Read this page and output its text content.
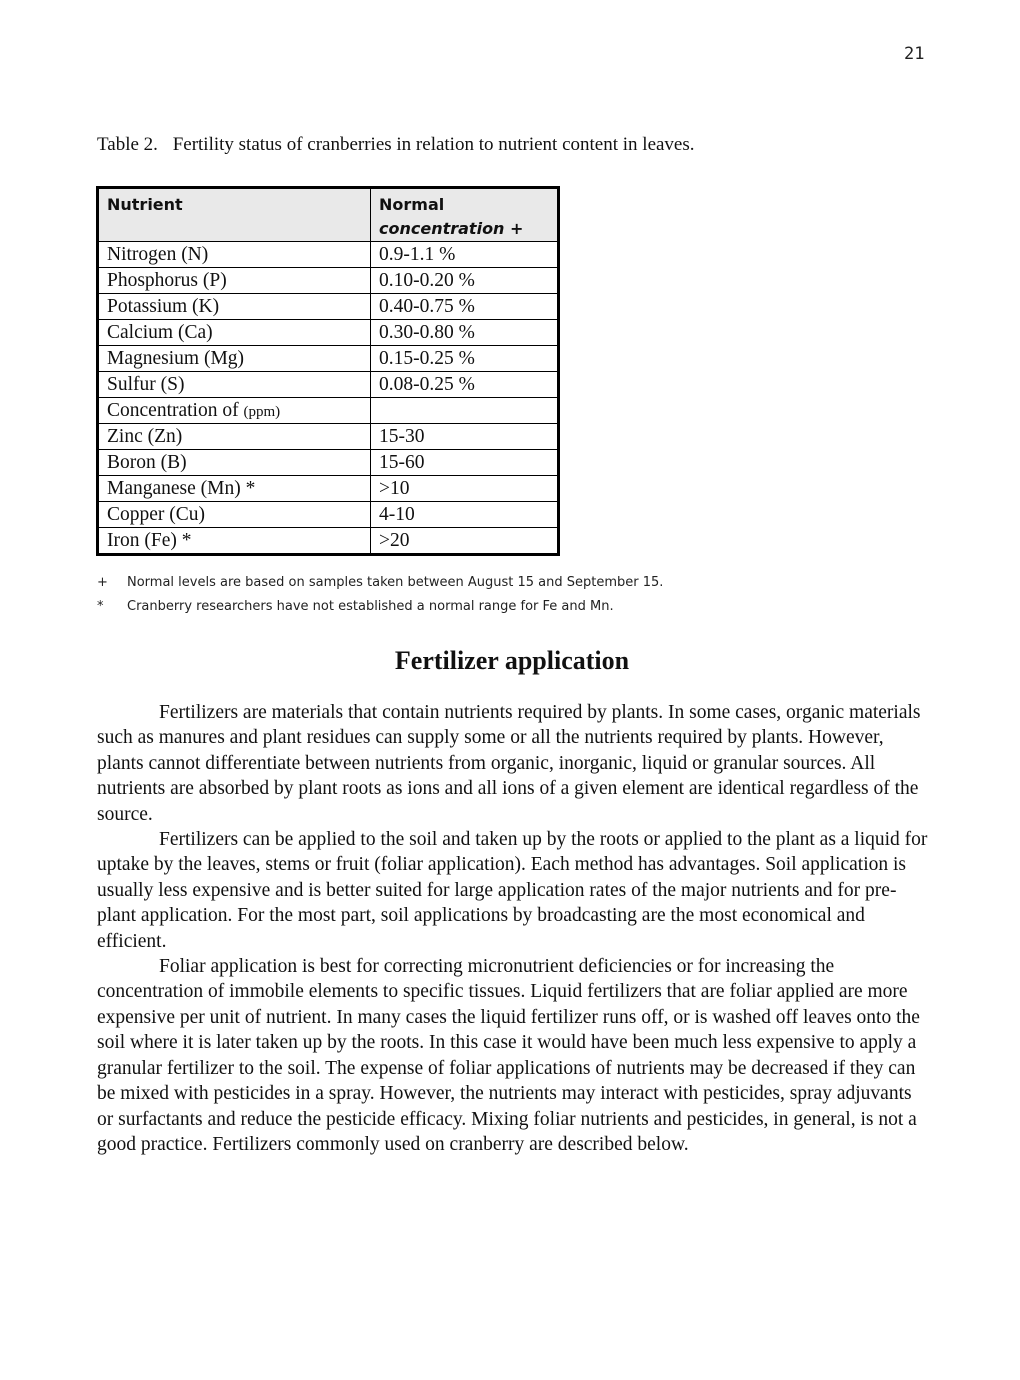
21
Table 2. Fertility status of cranberries in relation to nutrient content in leaves.
Nutrient	Normal
concentration +
Nitrogen (N)	0.9-1.1 %
Phosphorus (P)	0.10-0.20 %
Potassium (K)	0.40-0.75 %
Calcium (Ca)	0.30-0.80 %
Magnesium (Mg)	0.15-0.25 %
Sulfur (S)	0.08-0.25 %
Concentration of (ppm)	
Zinc (Zn)	15-30
Boron (B)	15-60
Manganese (Mn) *	>10
Copper (Cu)	4-10
Iron (Fe) *	>20
+ Normal levels are based on samples taken between August 15 and September 15.
* Cranberry researchers have not established a normal range for Fe and Mn.
Fertilizer application

Fertilizers are materials that contain nutrients required by plants. In some cases, organic materials such as manures and plant residues can supply some or all the nutrients required by plants. However, plants cannot differentiate between nutrients from organic, inorganic, liquid or granular sources. All nutrients are absorbed by plant roots as ions and all ions of a given element are identical regardless of the source.

Fertilizers can be applied to the soil and taken up by the roots or applied to the plant as a liquid for uptake by the leaves, stems or fruit (foliar application). Each method has advantages. Soil application is usually less expensive and is better suited for large application rates of the major nutrients and for pre-plant application. For the most part, soil applications by broadcasting are the most economical and efficient.

Foliar application is best for correcting micronutrient deficiencies or for increasing the concentration of immobile elements to specific tissues. Liquid fertilizers that are foliar applied are more expensive per unit of nutrient. In many cases the liquid fertilizer runs off, or is washed off leaves onto the soil where it is later taken up by the roots. In this case it would have been much less expensive to apply a granular fertilizer to the soil. The expense of foliar applications of nutrients may be decreased if they can be mixed with pesticides in a spray. However, the nutrients may interact with pesticides, spray adjuvants or surfactants and reduce the pesticide efficacy. Mixing foliar nutrients and pesticides, in general, is not a good practice. Fertilizers commonly used on cranberry are described below.
